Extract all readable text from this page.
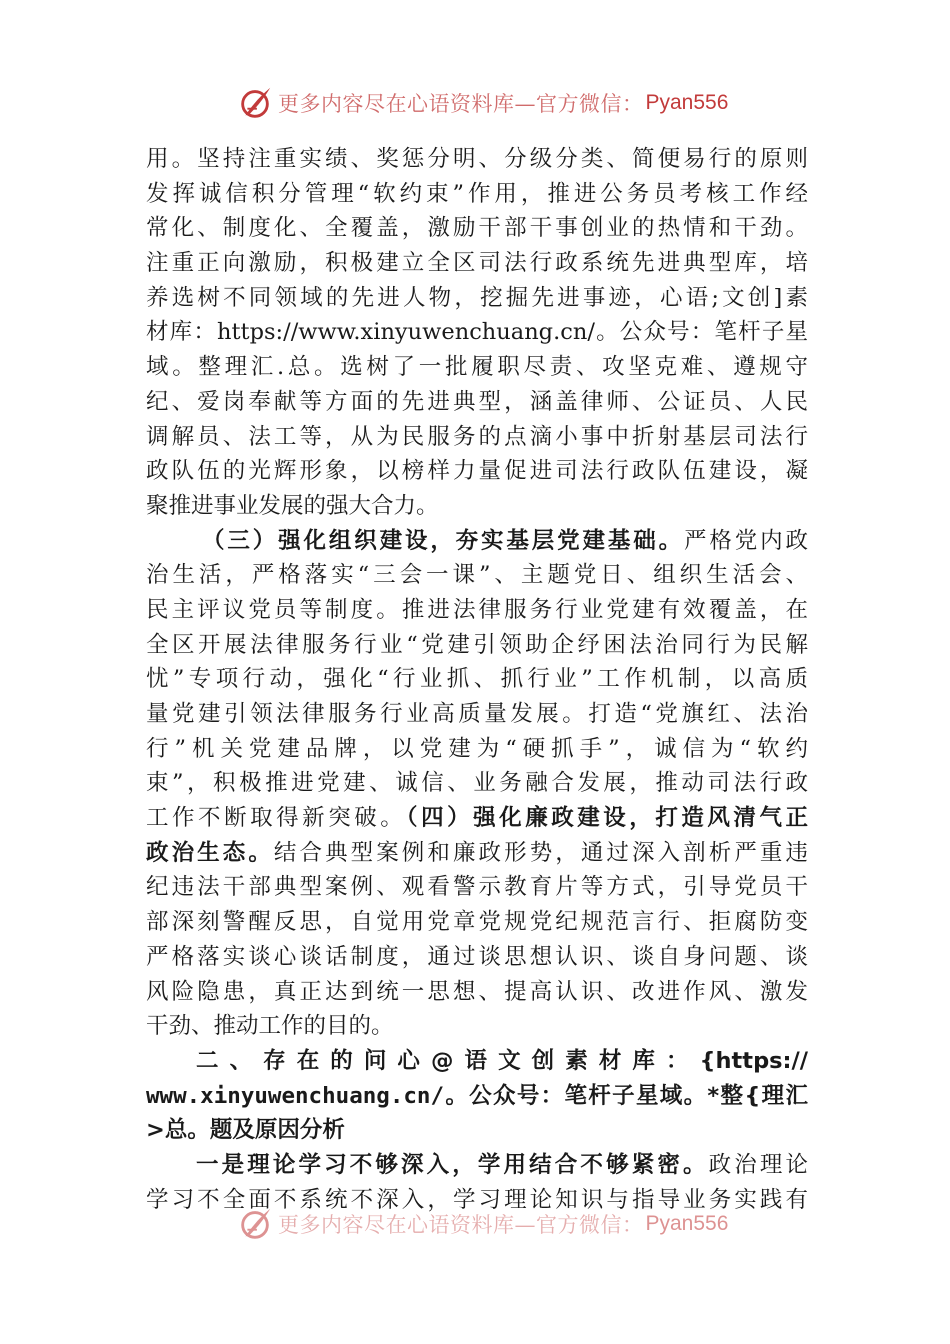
更多内容尽在心语资料库—官方微信： Pyan556
用。坚持注重实绩、奖惩分明、分级分类、简便易行的原则
发挥诚信积分管理“软约束”作用，推进公务员考核工作经
常化、制度化、全覆盖，激励干部干事创业的热情和干劲。
注重正向激励，积极建立全区司法行政系统先进典型库，培
养选树不同领域的先进人物，挖掘先进事迹，心语;文创]素
材库：https://www.xinyuwenchuang.cn/。公众号：笔杆子星
域。整理汇.总。选树了一批履职尽责、攻坚克难、遵规守
纪、爱岗奉献等方面的先进典型，涵盖律师、公证员、人民
调解员、法工等，从为民服务的点滴小事中折射基层司法行
政队伍的光辉形象，以榜样力量促进司法行政队伍建设，凝
聚推进事业发展的强大合力。
（三）强化组织建设，夯实基层党建基础。严格党内政
治生活，严格落实“三会一课”、主题党日、组织生活会、
民主评议党员等制度。推进法律服务行业党建有效覆盖，在
全区开展法律服务行业“党建引领助企纾困法治同行为民解
忧”专项行动，强化“行业抓、抓行业”工作机制，以高质
量党建引领法律服务行业高质量发展。打造“党旗红、法治
行”机关党建品牌，以党建为“硬抓手”，诚信为“软约
束”，积极推进党建、诚信、业务融合发展，推动司法行政
工作不断取得新突破。（四）强化廉政建设，打造风清气正
政治生态。结合典型案例和廉政形势，通过深入剖析严重违
纪违法干部典型案例、观看警示教育片等方式，引导党员干
部深刻警醒反思，自觉用党章党规党纪规范言行、拒腐防变
严格落实谈心谈话制度，通过谈思想认识、谈自身问题、谈
风险隐患，真正达到统一思想、提高认识、改进作风、激发
干劲、推动工作的目的。
二、存在的问心@语文创素材库：{https://
www.xinyuwenchuang.cn/。公众号：笔杆子星域。*整{理汇
>总。题及原因分析
一是理论学习不够深入，学用结合不够紧密。政治理论
学习不全面不系统不深入，学习理论知识与指导业务实践有
更多内容尽在心语资料库—官方微信： Pyan556
